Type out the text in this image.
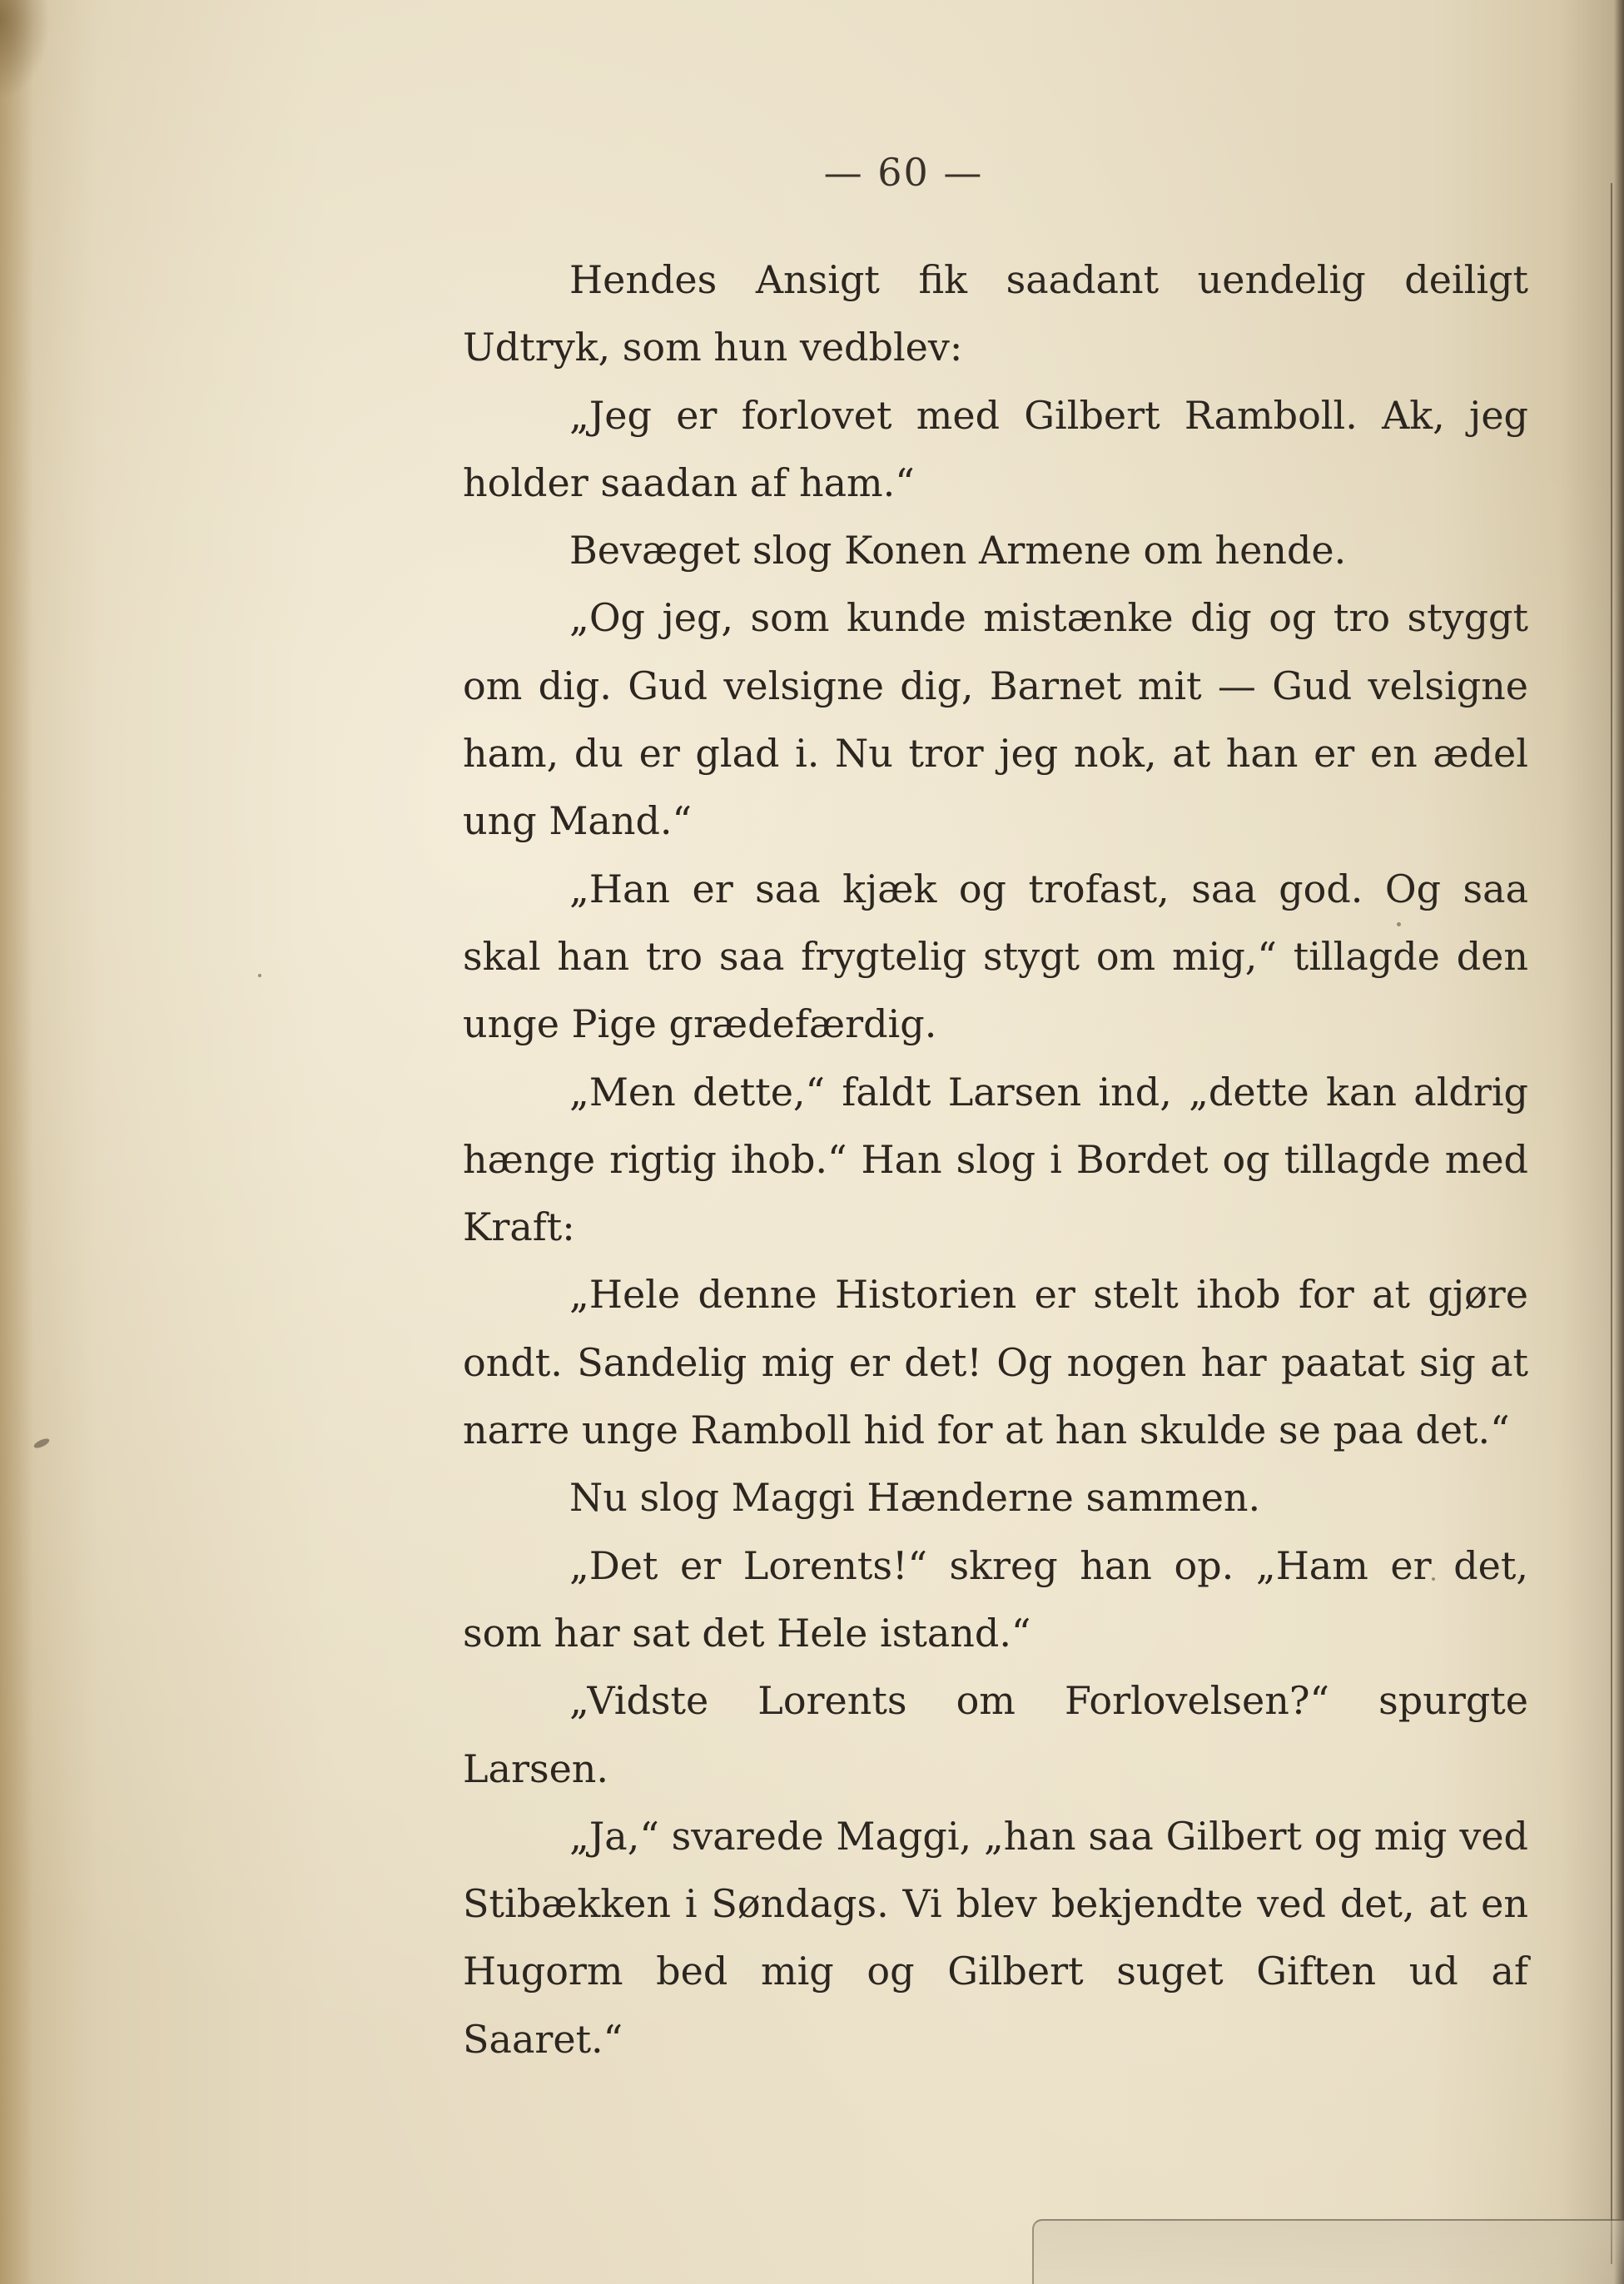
— 60 —

Hendes Ansigt fik saadant uendelig deiligt Udtryk, som hun vedblev:

„Jeg er forlovet med Gilbert Ramboll. Ak, jeg holder saadan af ham.“

Bevæget slog Konen Armene om hende.

„Og jeg, som kunde mistænke dig og tro styggt om dig. Gud velsigne dig, Barnet mit — Gud velsigne ham, du er glad i. Nu tror jeg nok, at han er en ædel ung Mand.“

„Han er saa kjæk og trofast, saa god. Og saa skal han tro saa frygtelig stygt om mig,“ tillagde den unge Pige grædefærdig.

„Men dette,“ faldt Larsen ind, „dette kan aldrig hænge rigtig ihob.“ Han slog i Bordet og tillagde med Kraft:

„Hele denne Historien er stelt ihob for at gjøre ondt. Sandelig mig er det! Og nogen har paatat sig at narre unge Ramboll hid for at han skulde se paa det.“

Nu slog Maggi Hænderne sammen.

„Det er Lorents!“ skreg han op. „Ham er det, som har sat det Hele istand.“

„Vidste Lorents om Forlovelsen?“ spurgte Larsen.

„Ja,“ svarede Maggi, „han saa Gilbert og mig ved Stibækken i Søndags. Vi blev bekjendte ved det, at en Hugorm bed mig og Gilbert suget Giften ud af Saaret.“
